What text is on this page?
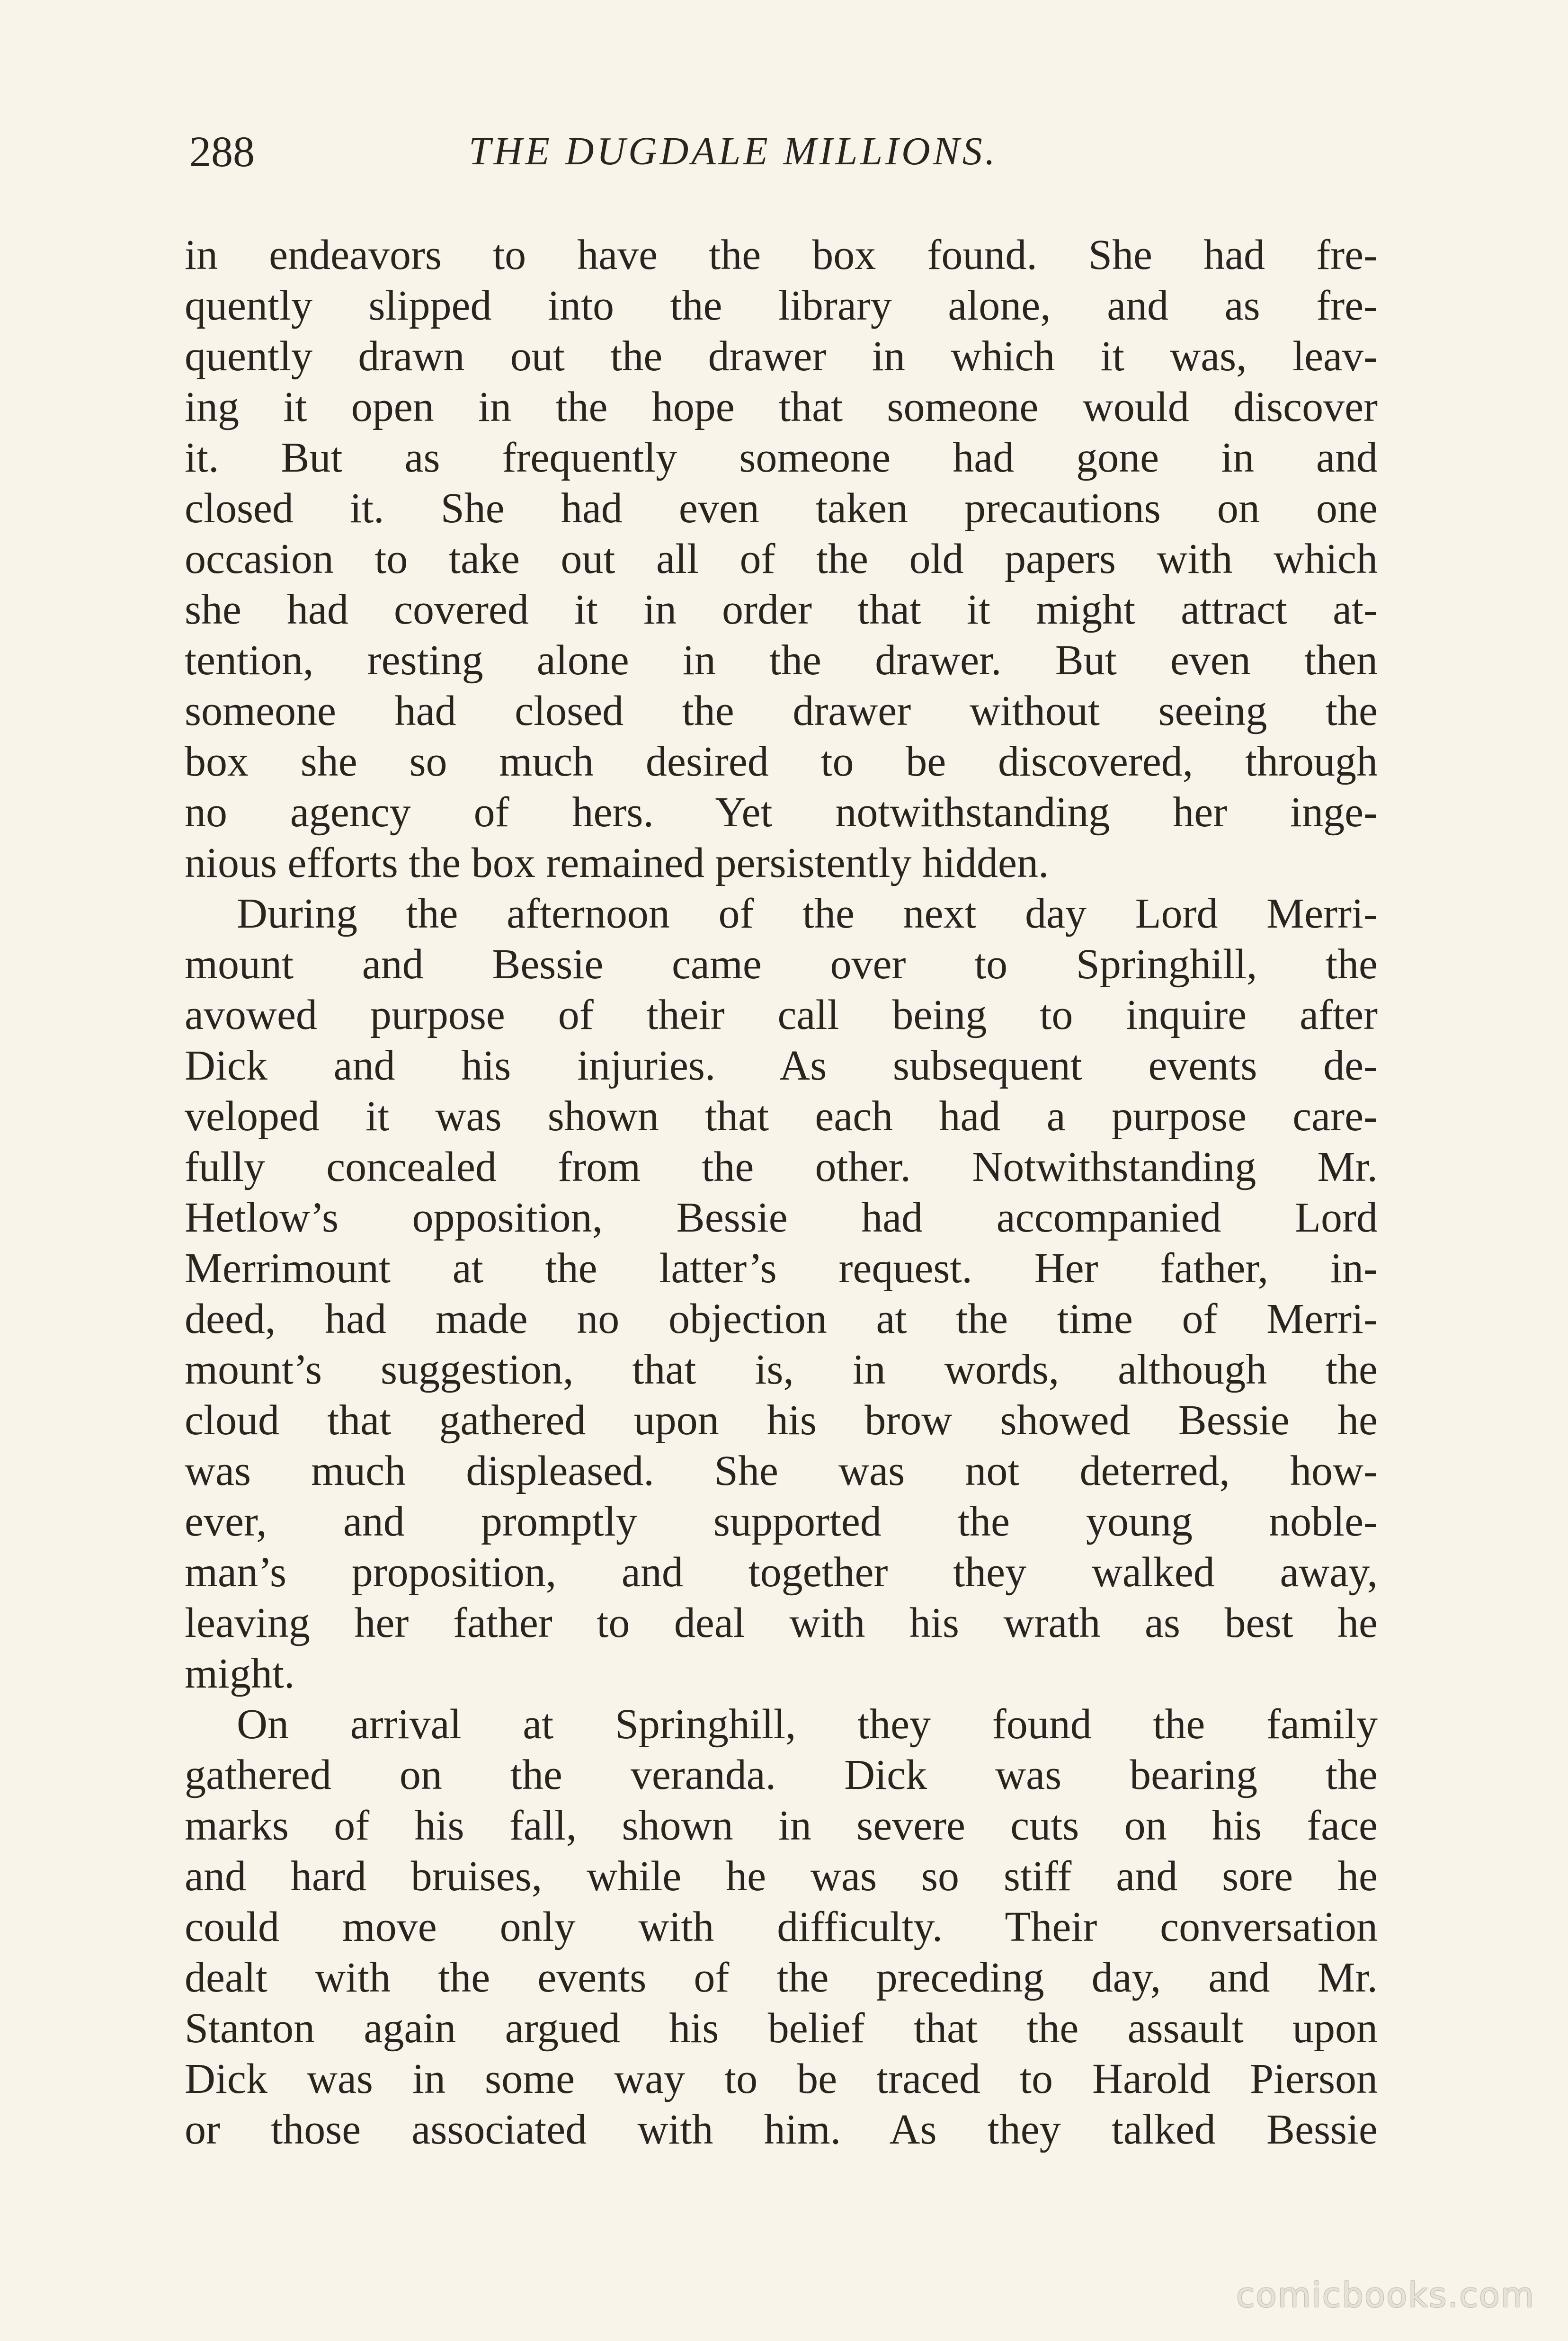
288	THE DUGDALE MILLIONS.
in endeavors to have the box found. She had fre-
quently slipped into the library alone, and as fre-
quently drawn out the drawer in which it was, leav-
ing it open in the hope that someone would discover
it. But as frequently someone had gone in and
closed it. She had even taken precautions on one
occasion to take out all of the old papers with which
she had covered it in order that it might attract at-
tention, resting alone in the drawer. But even then
someone had closed the drawer without seeing the
box she so much desired to be discovered, through
no agency of hers. Yet notwithstanding her inge-
nious efforts the box remained persistently hidden.
During the afternoon of the next day Lord Merri-
mount and Bessie came over to Springhill, the
avowed purpose of their call being to inquire after
Dick and his injuries. As subsequent events de-
veloped it was shown that each had a purpose care-
fully concealed from the other. Notwithstanding Mr.
Hetlow’s opposition, Bessie had accompanied Lord
Merrimount at the latter’s request. Her father, in-
deed, had made no objection at the time of Merri-
mount’s suggestion, that is, in words, although the
cloud that gathered upon his brow showed Bessie he
was much displeased. She was not deterred, how-
ever, and promptly supported the young noble-
man’s proposition, and together they walked away,
leaving her father to deal with his wrath as best he
might.
On arrival at Springhill, they found the family
gathered on the veranda. Dick was bearing the
marks of his fall, shown in severe cuts on his face
and hard bruises, while he was so stiff and sore he
could move only with difficulty. Their conversation
dealt with the events of the preceding day, and Mr.
Stanton again argued his belief that the assault upon
Dick was in some way to be traced to Harold Pierson
or those associated with him. As they talked Bessie
comicbooks.com
